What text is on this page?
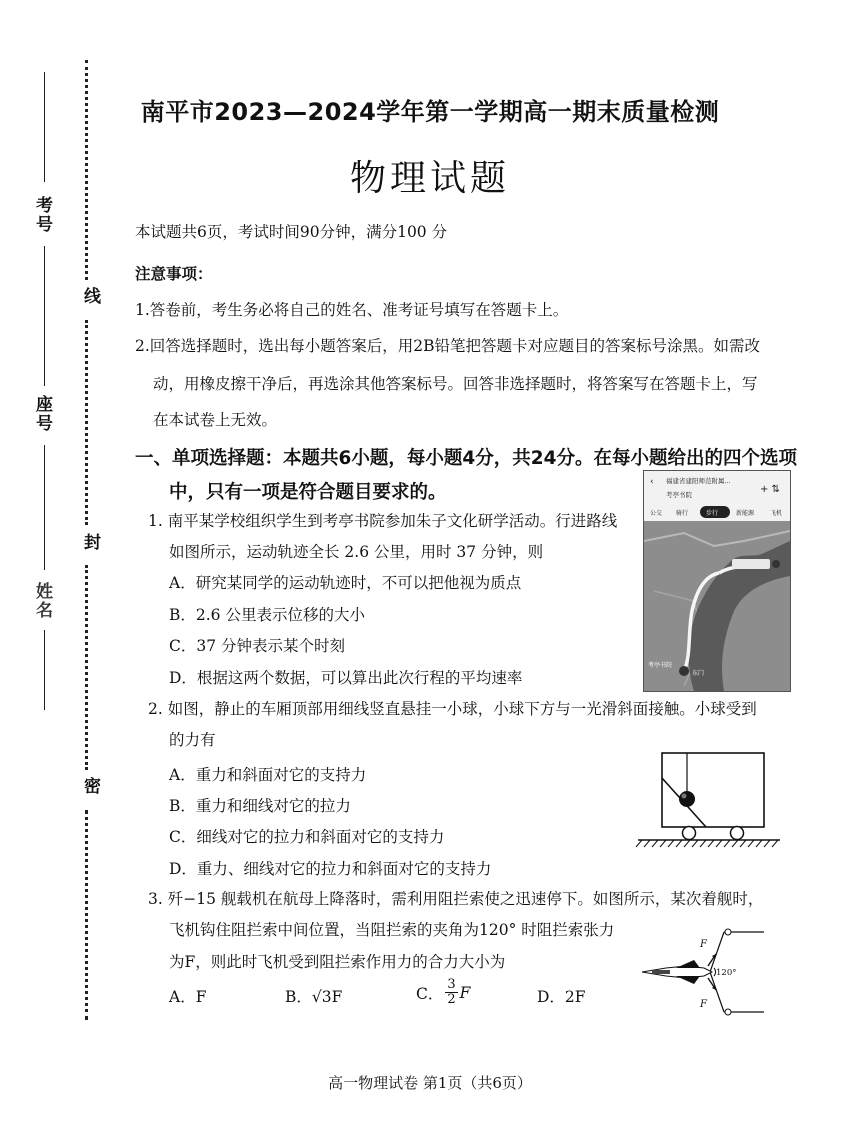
考号
座号
姓名
线
封
密
南平市2023—2024学年第一学期高一期末质量检测
物理试题
本试题共6页，考试时间90分钟，满分100 分
注意事项：
1.答卷前，考生务必将自己的姓名、准考证号填写在答题卡上。
2.回答选择题时，选出每小题答案后，用2B铅笔把答题卡对应题目的答案标号涂黑。如需改
动，用橡皮擦干净后，再选涂其他答案标号。回答非选择题时，将答案写在答题卡上，写
在本试卷上无效。
一、单项选择题：本题共6小题，每小题4分，共24分。在每小题给出的四个选项
中，只有一项是符合题目要求的。
1. 南平某学校组织学生到考亭书院参加朱子文化研学活动。行进路线
如图所示，运动轨迹全长 2.6 公里，用时 37 分钟，则
A．研究某同学的运动轨迹时，不可以把他视为质点
B．2.6 公里表示位移的大小
C．37 分钟表示某个时刻
D．根据这两个数据，可以算出此次行程的平均速率
‹ 福建省建阳师范附属...
考亭书院	+ ⇅
公交 骑行	步行	新能源	飞机
考亭书院
东门
2. 如图，静止的车厢顶部用细线竖直悬挂一小球，小球下方与一光滑斜面接触。小球受到
的力有
A．重力和斜面对它的支持力
B．重力和细线对它的拉力
C．细线对它的拉力和斜面对它的支持力
D．重力、细线对它的拉力和斜面对它的支持力
3. 歼−15 舰载机在航母上降落时，需利用阻拦索使之迅速停下。如图所示，某次着舰时，
飞机钩住阻拦索中间位置，当阻拦索的夹角为120° 时阻拦索张力
为F，则此时飞机受到阻拦索作用力的合力大小为
A．F	B．√3F	C． $\frac{3}{2}$ F	D．2F
120°
F
F
高一物理试卷 第1页（共6页）
